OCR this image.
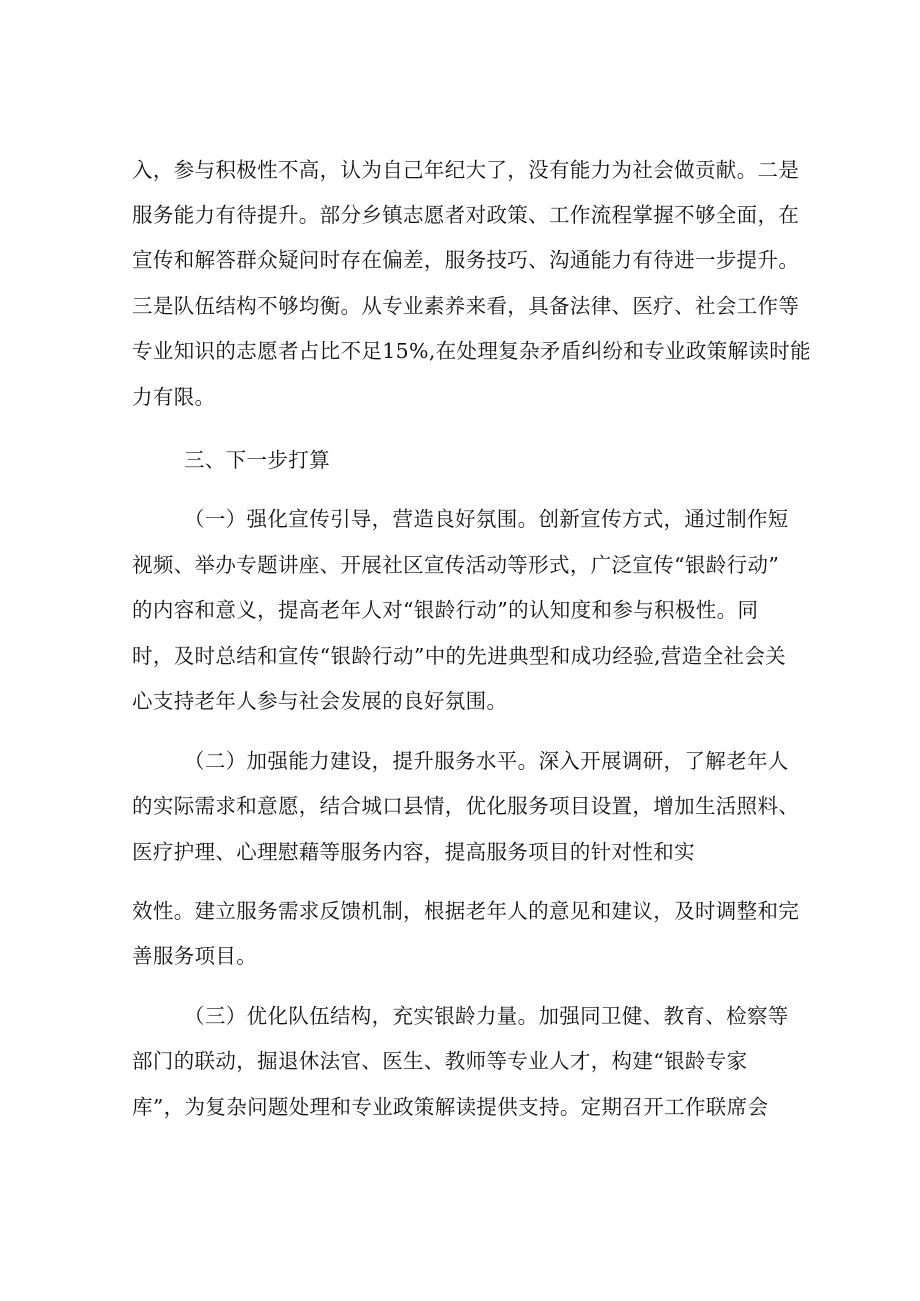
入，参与积极性不高，认为自己年纪大了，没有能力为社会做贡献。二是
服务能力有待提升。部分乡镇志愿者对政策、工作流程掌握不够全面，在
宣传和解答群众疑问时存在偏差，服务技巧、沟通能力有待进一步提升。
三是队伍结构不够均衡。从专业素养来看，具备法律、医疗、社会工作等
专业知识的志愿者占比不足15%,在处理复杂矛盾纠纷和专业政策解读时能
力有限。
三、下一步打算
（一）强化宣传引导，营造良好氛围。创新宣传方式，通过制作短
视频、举办专题讲座、开展社区宣传活动等形式，广泛宣传“银龄行动”
的内容和意义，提高老年人对“银龄行动”的认知度和参与积极性。同
时，及时总结和宣传“银龄行动”中的先进典型和成功经验,营造全社会关
心支持老年人参与社会发展的良好氛围。
（二）加强能力建设，提升服务水平。深入开展调研，了解老年人
的实际需求和意愿，结合城口县情，优化服务项目设置，增加生活照料、
医疗护理、心理慰藉等服务内容，提高服务项目的针对性和实
效性。建立服务需求反馈机制，根据老年人的意见和建议，及时调整和完
善服务项目。
（三）优化队伍结构，充实银龄力量。加强同卫健、教育、检察等
部门的联动，掘退休法官、医生、教师等专业人才，构建“银龄专家
库”，为复杂问题处理和专业政策解读提供支持。定期召开工作联席会
